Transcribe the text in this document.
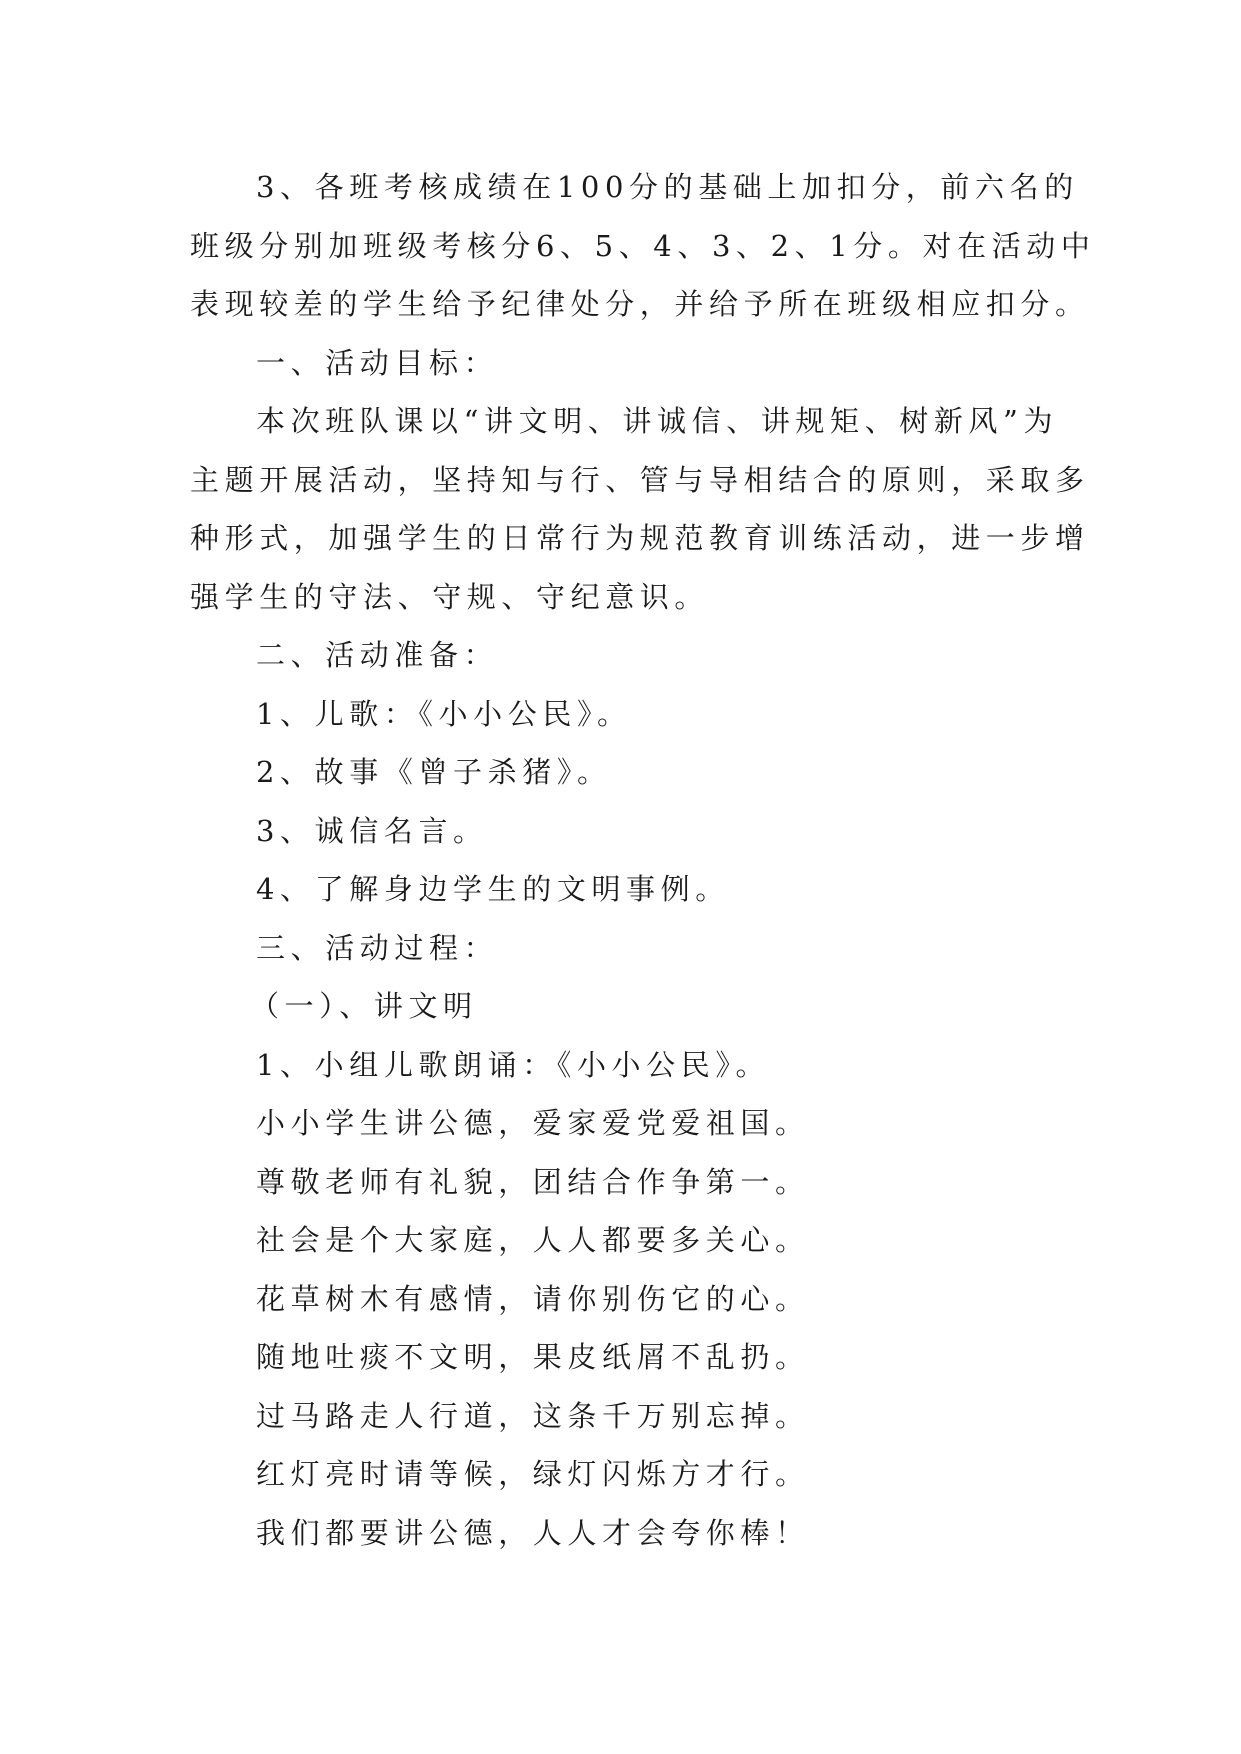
3、各班考核成绩在100分的基础上加扣分，前六名的
班级分别加班级考核分6、5、4、3、2、1分。对在活动中
表现较差的学生给予纪律处分，并给予所在班级相应扣分。
一、活动目标：
本次班队课以“讲文明、讲诚信、讲规矩、树新风”为
主题开展活动，坚持知与行、管与导相结合的原则，采取多
种形式，加强学生的日常行为规范教育训练活动，进一步增
强学生的守法、守规、守纪意识。
二、活动准备：
1、儿歌：《小小公民》。
2、故事《曾子杀猪》。
3、诚信名言。
4、了解身边学生的文明事例。
三、活动过程：
（一）、讲文明
1、小组儿歌朗诵：《小小公民》。
小小学生讲公德，爱家爱党爱祖国。
尊敬老师有礼貌，团结合作争第一。
社会是个大家庭，人人都要多关心。
花草树木有感情，请你别伤它的心。
随地吐痰不文明，果皮纸屑不乱扔。
过马路走人行道，这条千万别忘掉。
红灯亮时请等候，绿灯闪烁方才行。
我们都要讲公德，人人才会夸你棒！
